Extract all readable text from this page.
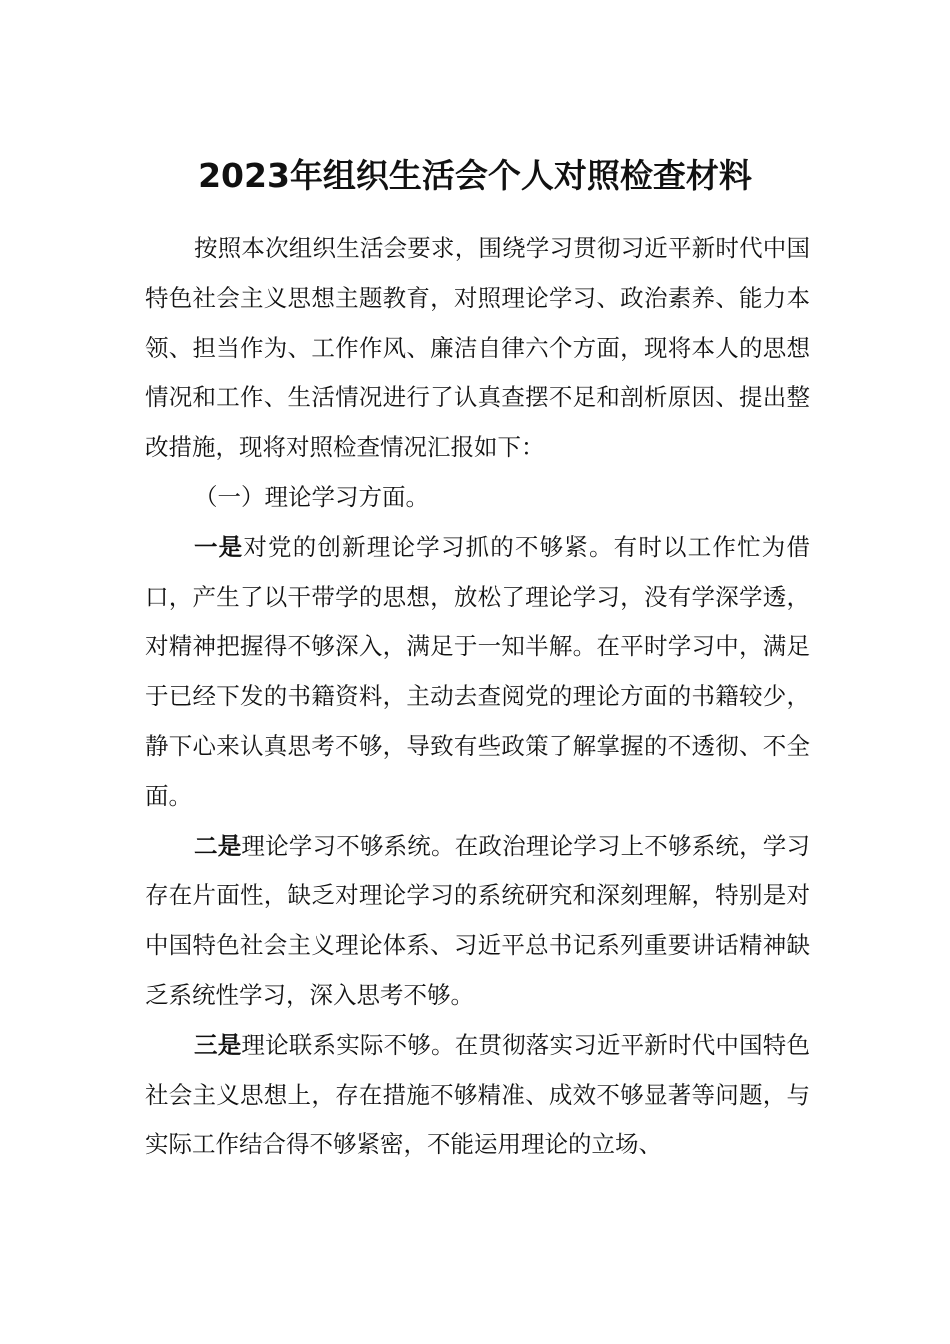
2023年组织生活会个人对照检查材料

按照本次组织生活会要求，围绕学习贯彻习近平新时代中国特色社会主义思想主题教育，对照理论学习、政治素养、能力本领、担当作为、工作作风、廉洁自律六个方面，现将本人的思想情况和工作、生活情况进行了认真查摆不足和剖析原因、提出整改措施，现将对照检查情况汇报如下：

（一）理论学习方面。

一是对党的创新理论学习抓的不够紧。有时以工作忙为借口，产生了以干带学的思想，放松了理论学习，没有学深学透，对精神把握得不够深入，满足于一知半解。在平时学习中，满足于已经下发的书籍资料，主动去查阅党的理论方面的书籍较少，静下心来认真思考不够，导致有些政策了解掌握的不透彻、不全面。

二是理论学习不够系统。在政治理论学习上不够系统，学习存在片面性，缺乏对理论学习的系统研究和深刻理解，特别是对中国特色社会主义理论体系、习近平总书记系列重要讲话精神缺乏系统性学习，深入思考不够。

三是理论联系实际不够。在贯彻落实习近平新时代中国特色社会主义思想上，存在措施不够精准、成效不够显著等问题，与实际工作结合得不够紧密，不能运用理论的立场、
